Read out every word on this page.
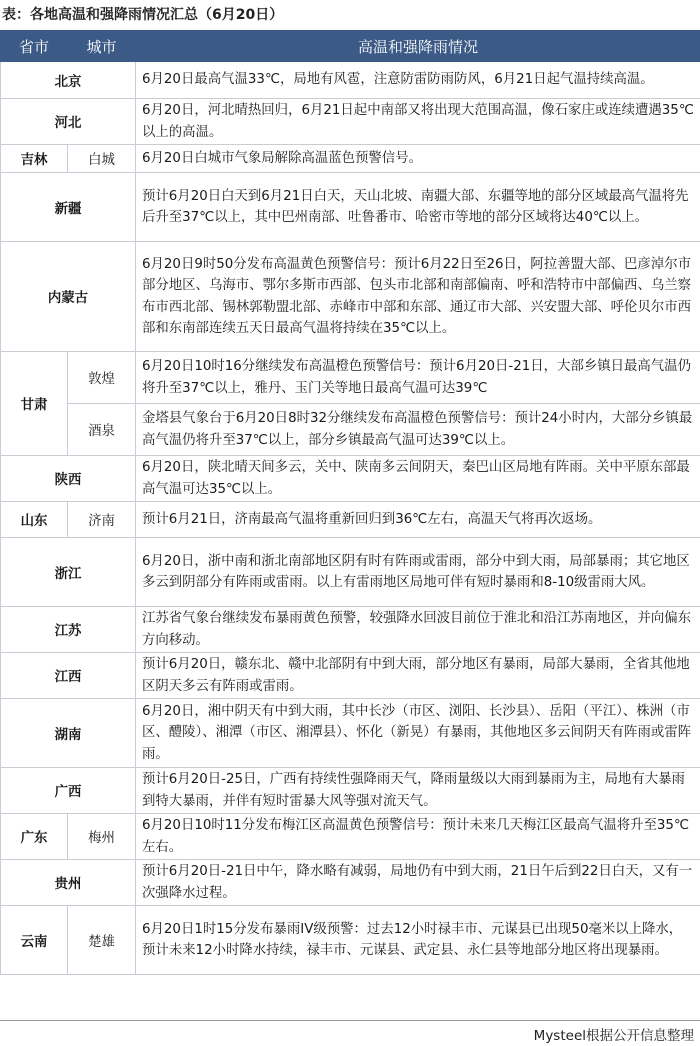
表：各地高温和强降雨情况汇总（6月20日）
省市	城市	高温和强降雨情况
北京		6月20日最高气温33℃，局地有风雹，注意防雷防雨防风，6月21日起气温持续高温。
河北		6月20日，河北晴热回归，6月21日起中南部又将出现大范围高温，像石家庄或连续遭遇35℃以上的高温。
吉林	白城	6月20日白城市气象局解除高温蓝色预警信号。
新疆		预计6月20日白天到6月21日白天，天山北坡、南疆大部、东疆等地的部分区域最高气温将先后升至37℃以上，其中巴州南部、吐鲁番市、哈密市等地的部分区域将达40℃以上。
内蒙古		6月20日9时50分发布高温黄色预警信号：预计6月22日至26日，阿拉善盟大部、巴彦淖尔市部分地区、乌海市、鄂尔多斯市西部、包头市北部和南部偏南、呼和浩特市中部偏西、乌兰察布市西北部、锡林郭勒盟北部、赤峰市中部和东部、通辽市大部、兴安盟大部、呼伦贝尔市西部和东南部连续五天日最高气温将持续在35℃以上。
甘肃	敦煌	6月20日10时16分继续发布高温橙色预警信号：预计6月20日-21日，大部乡镇日最高气温仍将升至37℃以上，雅丹、玉门关等地日最高气温可达39℃
	酒泉	金塔县气象台于6月20日8时32分继续发布高温橙色预警信号：预计24小时内，大部分乡镇最高气温仍将升至37℃以上，部分乡镇最高气温可达39℃以上。
陕西		6月20日，陕北晴天间多云，关中、陕南多云间阴天，秦巴山区局地有阵雨。关中平原东部最高气温可达35℃以上。
山东	济南	预计6月21日，济南最高气温将重新回归到36℃左右，高温天气将再次返场。
浙江		6月20日，浙中南和浙北南部地区阴有时有阵雨或雷雨，部分中到大雨，局部暴雨；其它地区多云到阴部分有阵雨或雷雨。以上有雷雨地区局地可伴有短时暴雨和8-10级雷雨大风。
江苏		江苏省气象台继续发布暴雨黄色预警，较强降水回波目前位于淮北和沿江苏南地区，并向偏东方向移动。
江西		预计6月20日，赣东北、赣中北部阴有中到大雨，部分地区有暴雨，局部大暴雨，全省其他地区阴天多云有阵雨或雷雨。
湖南		6月20日，湘中阴天有中到大雨，其中长沙（市区、浏阳、长沙县）、岳阳（平江）、株洲（市区、醴陵）、湘潭（市区、湘潭县）、怀化（新晃）有暴雨，其他地区多云间阴天有阵雨或雷阵雨。
广西		预计6月20日-25日，广西有持续性强降雨天气，降雨量级以大雨到暴雨为主，局地有大暴雨到特大暴雨，并伴有短时雷暴大风等强对流天气。
广东	梅州	6月20日10时11分发布梅江区高温黄色预警信号：预计未来几天梅江区最高气温将升至35℃左右。
贵州		预计6月20日-21日中午，降水略有减弱，局地仍有中到大雨，21日午后到22日白天，又有一次强降水过程。
云南	楚雄	6月20日1时15分发布暴雨IV级预警：过去12小时禄丰市、元谋县已出现50毫米以上降水，预计未来12小时降水持续，禄丰市、元谋县、武定县、永仁县等地部分地区将出现暴雨。
Mysteel根据公开信息整理
